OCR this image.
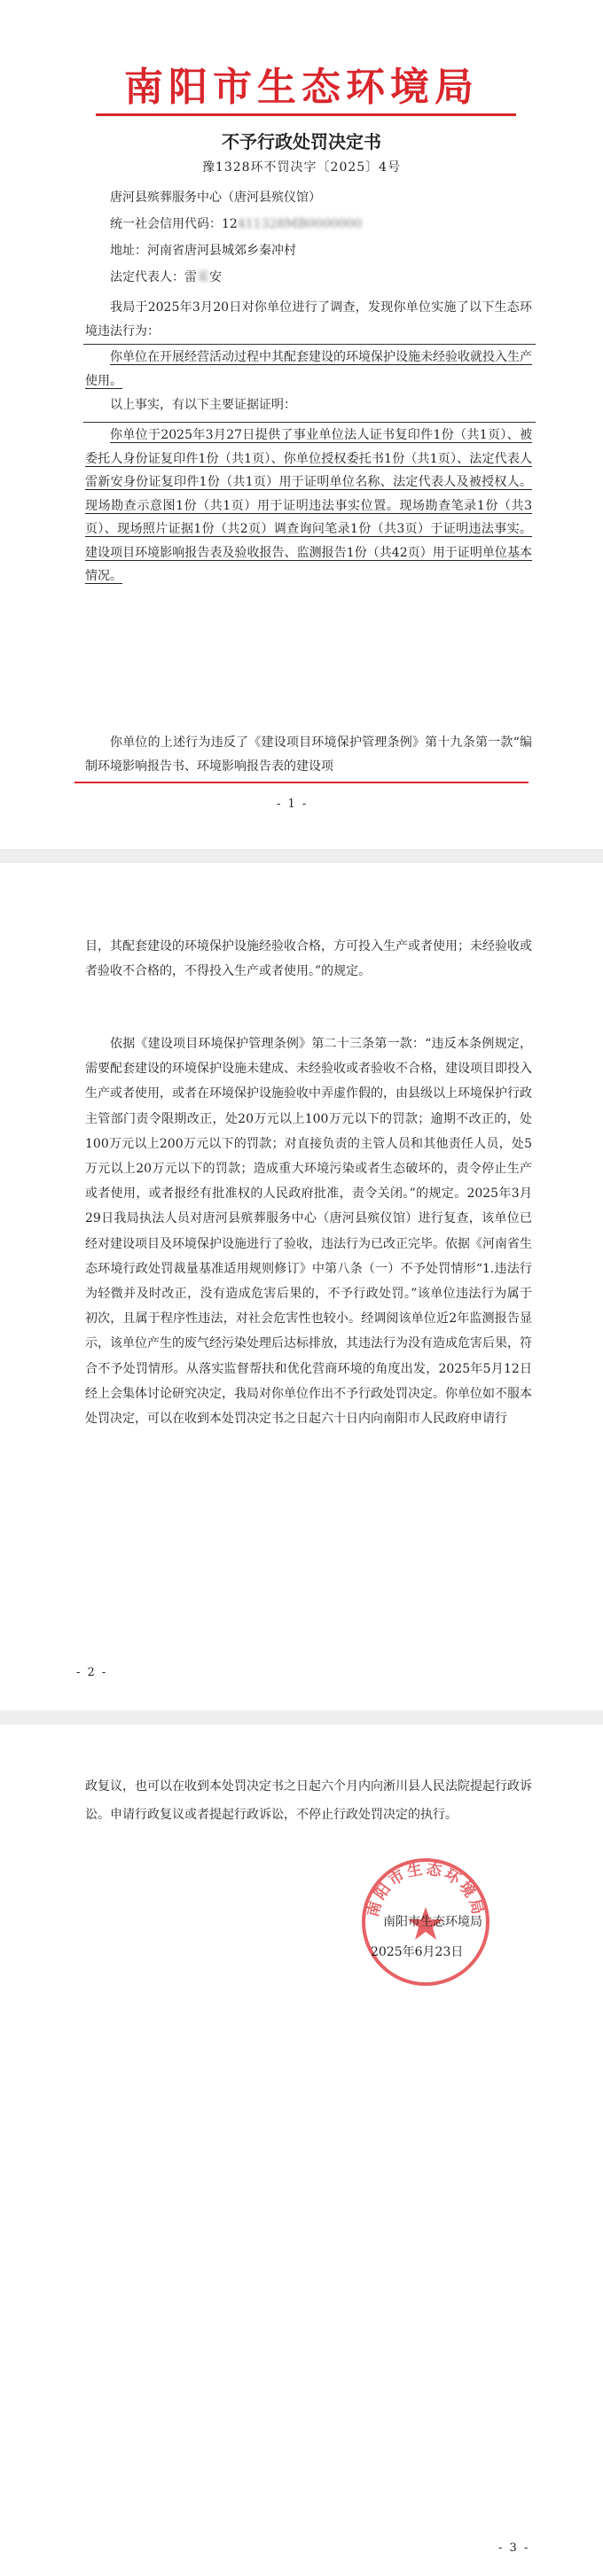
南阳市生态环境局
不予行政处罚决定书
豫1328环不罚决字〔2025〕4号
唐河县殡葬服务中心（唐河县殡仪馆）
统一社会信用代码：12411328MB0000000
地址：河南省唐河县城郊乡秦冲村
法定代表人：雷某安

我局于2025年3月20日对你单位进行了调查，发现你单位实施了以下生态环境违法行为：

你单位在开展经营活动过程中其配套建设的环境保护设施未经验收就投入生产使用。

以上事实，有以下主要证据证明：

你单位于2025年3月27日提供了事业单位法人证书复印件1份（共1页）、被委托人身份证复印件1份（共1页）、你单位授权委托书1份（共1页）、法定代表人雷新安身份证复印件1份（共1页）用于证明单位名称、法定代表人及被授权人。现场勘查示意图1份（共1页）用于证明违法事实位置。现场勘查笔录1份（共3页）、现场照片证据1份（共2页）调查询问笔录1份（共3页）于证明违法事实。建设项目环境影响报告表及验收报告、监测报告1份（共42页）用于证明单位基本情况。

你单位的上述行为违反了《建设项目环境保护管理条例》第十九条第一款“编制环境影响报告书、环境影响报告表的建设项

- 1 -

目，其配套建设的环境保护设施经验收合格，方可投入生产或者使用；未经验收或者验收不合格的，不得投入生产或者使用。”的规定。

依据《建设项目环境保护管理条例》第二十三条第一款：“违反本条例规定，需要配套建设的环境保护设施未建成、未经验收或者验收不合格，建设项目即投入生产或者使用，或者在环境保护设施验收中弄虚作假的，由县级以上环境保护行政主管部门责令限期改正，处20万元以上100万元以下的罚款；逾期不改正的，处100万元以上200万元以下的罚款；对直接负责的主管人员和其他责任人员，处5万元以上20万元以下的罚款；造成重大环境污染或者生态破坏的，责令停止生产或者使用，或者报经有批准权的人民政府批准，责令关闭。”的规定。2025年3月29日我局执法人员对唐河县殡葬服务中心（唐河县殡仪馆）进行复查，该单位已经对建设项目及环境保护设施进行了验收，违法行为已改正完毕。依据《河南省生态环境行政处罚裁量基准适用规则修订》中第八条（一）不予处罚情形“1.违法行为轻微并及时改正，没有造成危害后果的，不予行政处罚。”该单位违法行为属于初次，且属于程序性违法，对社会危害性也较小。经调阅该单位近2年监测报告显示，该单位产生的废气经污染处理后达标排放，其违法行为没有造成危害后果，符合不予处罚情形。从落实监督帮扶和优化营商环境的角度出发，2025年5月12日经上会集体讨论研究决定，我局对你单位作出不予行政处罚决定。你单位如不服本处罚决定，可以在收到本处罚决定书之日起六十日内向南阳市人民政府申请行

- 2 -

政复议，也可以在收到本处罚决定书之日起六个月内向淅川县人民法院提起行政诉讼。申请行政复议或者提起行政诉讼，不停止行政处罚决定的执行。

南阳市生态环境局
南阳市生态环境局
2025年6月23日
- 3 -
